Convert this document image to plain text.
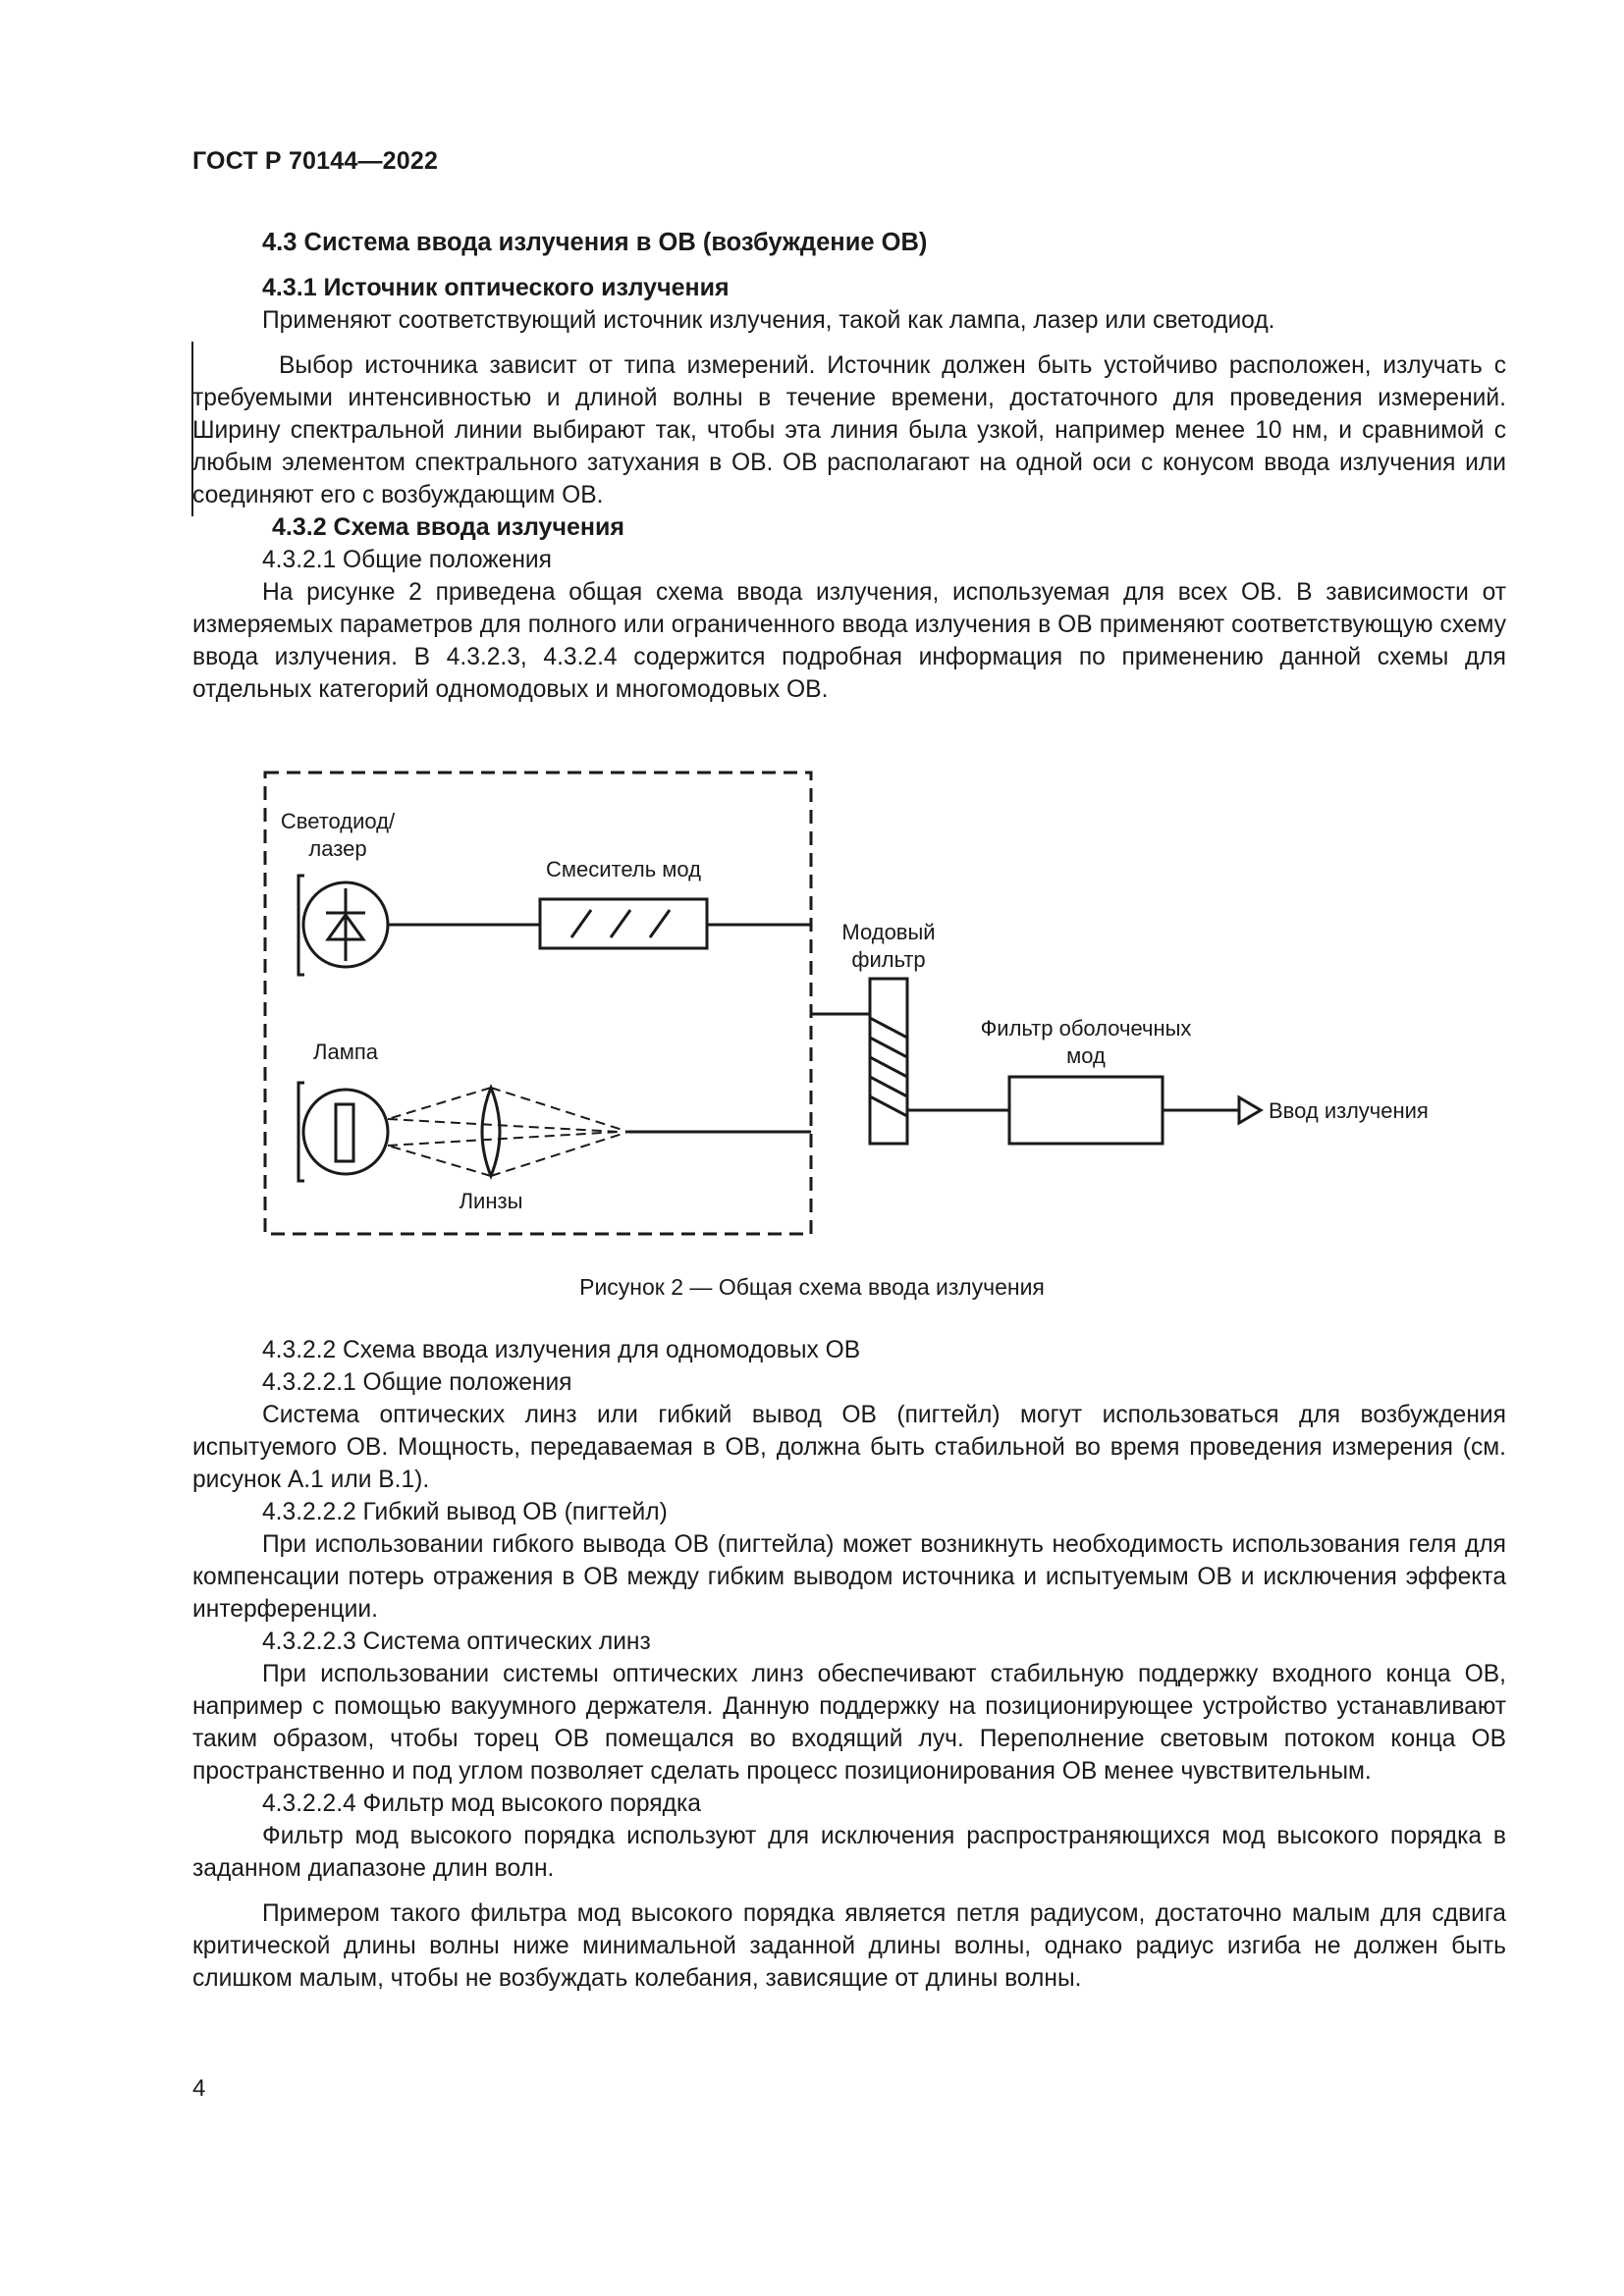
ГОСТ Р 70144—2022

4.3 Система ввода излучения в ОВ (возбуждение ОВ)

4.3.1 Источник оптического излучения

Применяют соответствующий источник излучения, такой как лампа, лазер или светодиод.

Выбор источника зависит от типа измерений. Источник должен быть устойчиво расположен, излучать с требуемыми интенсивностью и длиной волны в течение времени, достаточного для проведения измерений. Ширину спектральной линии выбирают так, чтобы эта линия была узкой, например менее 10 нм, и сравнимой с любым элементом спектрального затухания в ОВ. ОВ располагают на одной оси с конусом ввода излучения или соединяют его с возбуждающим ОВ.

4.3.2 Схема ввода излучения

4.3.2.1 Общие положения

На рисунке 2 приведена общая схема ввода излучения, используемая для всех ОВ. В зависимости от измеряемых параметров для полного или ограниченного ввода излучения в ОВ применяют соответствующую схему ввода излучения. В 4.3.2.3, 4.3.2.4 содержится подробная информация по применению данной схемы для отдельных категорий одномодовых и многомодовых ОВ.

Светодиод/
лазер
Смеситель мод
Модовый
фильтр
Лампа
Фильтр оболочечных
мод
Ввод излучения
Линзы
Рисунок 2 — Общая схема ввода излучения

4.3.2.2 Схема ввода излучения для одномодовых ОВ

4.3.2.2.1 Общие положения

Система оптических линз или гибкий вывод ОВ (пигтейл) могут использоваться для возбуждения испытуемого ОВ. Мощность, передаваемая в ОВ, должна быть стабильной во время проведения измерения (см. рисунок А.1 или В.1).

4.3.2.2.2 Гибкий вывод ОВ (пигтейл)

При использовании гибкого вывода ОВ (пигтейла) может возникнуть необходимость использования геля для компенсации потерь отражения в ОВ между гибким выводом источника и испытуемым ОВ и исключения эффекта интерференции.

4.3.2.2.3 Система оптических линз

При использовании системы оптических линз обеспечивают стабильную поддержку входного конца ОВ, например с помощью вакуумного держателя. Данную поддержку на позиционирующее устройство устанавливают таким образом, чтобы торец ОВ помещался во входящий луч. Переполнение световым потоком конца ОВ пространственно и под углом позволяет сделать процесс позиционирования ОВ менее чувствительным.

4.3.2.2.4 Фильтр мод высокого порядка

Фильтр мод высокого порядка используют для исключения распространяющихся мод высокого порядка в заданном диапазоне длин волн.

Примером такого фильтра мод высокого порядка является петля радиусом, достаточно малым для сдвига критической длины волны ниже минимальной заданной длины волны, однако радиус изгиба не должен быть слишком малым, чтобы не возбуждать колебания, зависящие от длины волны.

4
